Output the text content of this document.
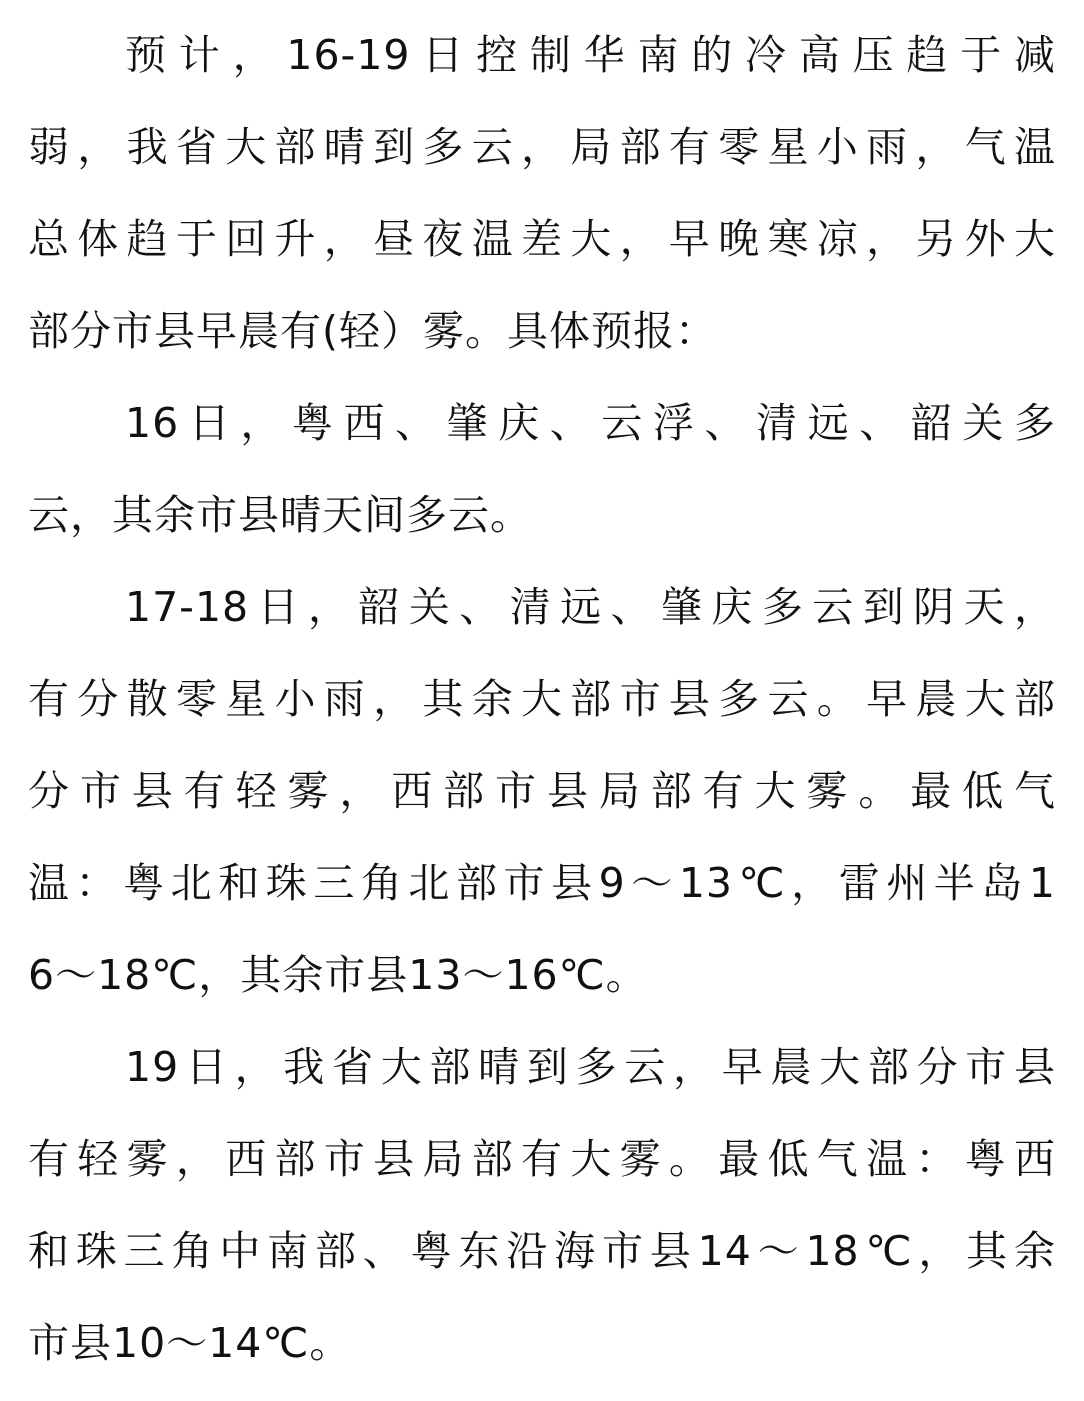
预计，16-19日控制华南的冷高压趋于减
弱，我省大部晴到多云，局部有零星小雨，气温
总体趋于回升，昼夜温差大，早晚寒凉，另外大
部分市县早晨有(轻）雾。具体预报：
16日，粤西、肇庆、云浮、清远、韶关多
云，其余市县晴天间多云。
17-18日，韶关、清远、肇庆多云到阴天，
有分散零星小雨，其余大部市县多云。早晨大部
分市县有轻雾，西部市县局部有大雾。最低气
温：粤北和珠三角北部市县9～13℃，雷州半岛1
6～18℃，其余市县13～16℃。
19日，我省大部晴到多云，早晨大部分市县
有轻雾，西部市县局部有大雾。最低气温：粤西
和珠三角中南部、粤东沿海市县14～18℃，其余
市县10～14℃。
